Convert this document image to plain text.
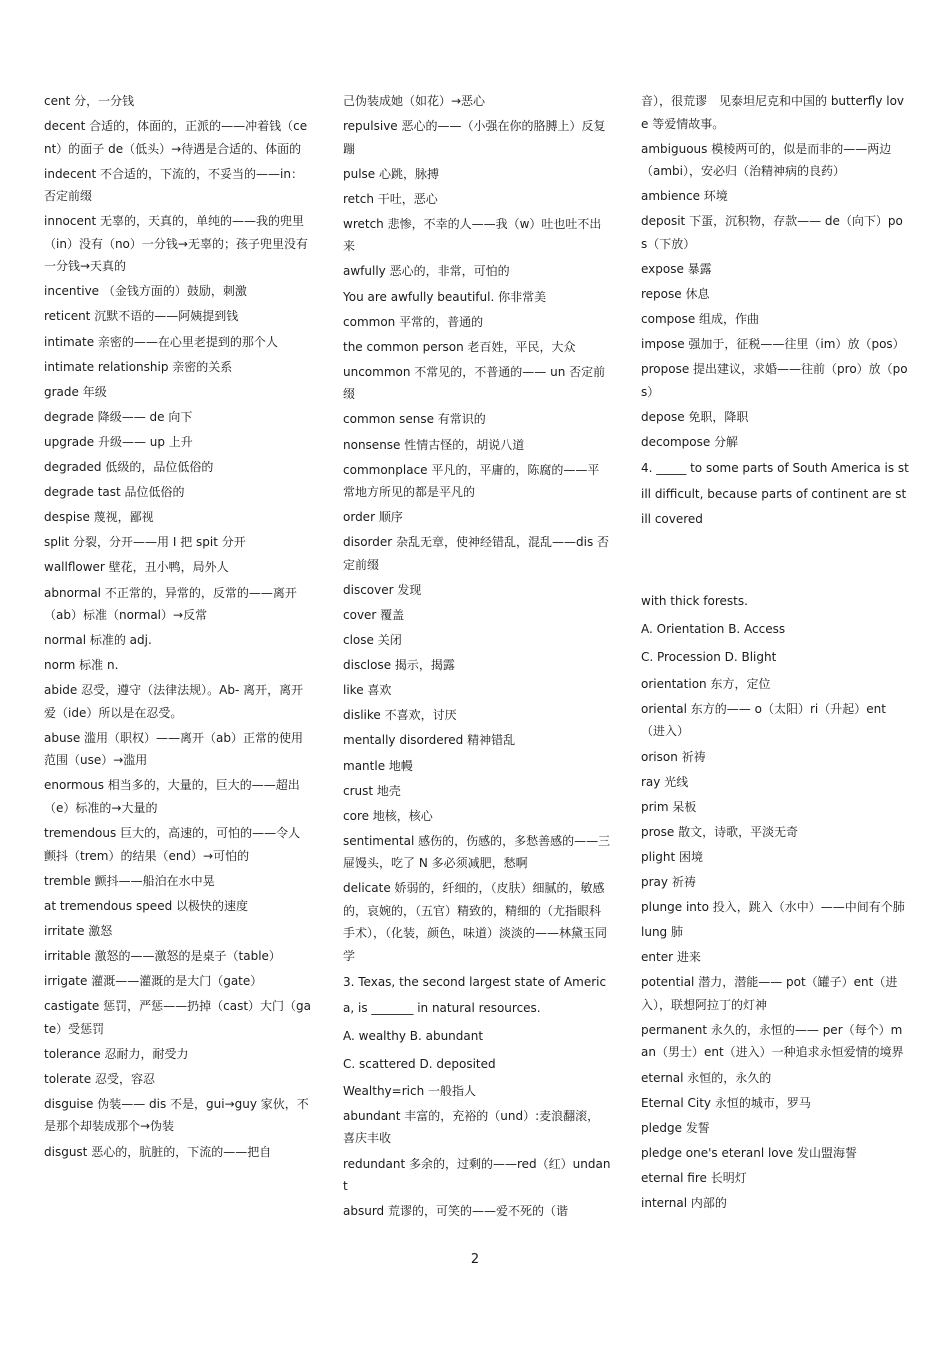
cent 分，一分钱

decent 合适的，体面的，正派的——冲着钱（cent）的面子 de（低头）→待遇是合适的、体面的

indecent 不合适的，下流的，不妥当的——in：否定前缀

innocent 无辜的，天真的，单纯的——我的兜里（in）没有（no）一分钱→无辜的；孩子兜里没有一分钱→天真的

incentive （金钱方面的）鼓励，刺激

reticent 沉默不语的——阿姨提到钱

intimate 亲密的——在心里老提到的那个人

intimate relationship 亲密的关系

grade 年级

degrade 降级—— de 向下

upgrade 升级—— up 上升

degraded 低级的，品位低俗的

degrade tast 品位低俗的

despise 蔑视，鄙视

split 分裂，分开——用 I 把 spit 分开

wallflower 壁花，丑小鸭，局外人

abnormal 不正常的，异常的，反常的——离开（ab）标准（normal）→反常

normal 标准的 adj.

norm 标准 n.

abide 忍受，遵守（法律法规）。Ab- 离开，离开爱（ide）所以是在忍受。

abuse 滥用（职权）——离开（ab）正常的使用范围（use）→滥用

enormous 相当多的，大量的，巨大的——超出（e）标准的→大量的

tremendous 巨大的，高速的，可怕的——令人颤抖（trem）的结果（end）→可怕的

tremble 颤抖——船泊在水中晃

at tremendous speed 以极快的速度

irritate 激怒

irritable 激怒的——激怒的是桌子（table）

irrigate 灌溉——灌溉的是大门（gate）

castigate 惩罚，严惩——扔掉（cast）大门（gate）受惩罚

tolerance 忍耐力，耐受力

tolerate 忍受，容忍

disguise 伪装—— dis 不是，gui→guy 家伙，不是那个却装成那个→伪装

disgust 恶心的，肮脏的，下流的——把自

己伪装成她（如花）→恶心

repulsive 恶心的——（小强在你的胳膊上）反复蹦

pulse 心跳，脉搏

retch 干吐，恶心

wretch 悲惨，不幸的人——我（w）吐也吐不出来

awfully 恶心的，非常，可怕的

You are awfully beautiful. 你非常美

common 平常的，普通的

the common person 老百姓，平民，大众

uncommon 不常见的，不普通的—— un 否定前缀

common sense 有常识的

nonsense 性情古怪的，胡说八道

commonplace 平凡的，平庸的，陈腐的——平常地方所见的都是平凡的

order 顺序

disorder 杂乱无章，使神经错乱，混乱——dis 否定前缀

discover 发现

cover 覆盖

close 关闭

disclose 揭示，揭露

like 喜欢

dislike 不喜欢，讨厌

mentally disordered 精神错乱

mantle 地幔

crust 地壳

core 地核，核心

sentimental 感伤的，伤感的，多愁善感的——三屉馒头，吃了 N 多必须减肥，愁啊

delicate 娇弱的，纤细的，（皮肤）细腻的，敏感的，哀婉的，（五官）精致的，精细的（尤指眼科手术），（化装，颜色，味道）淡淡的——林黛玉同学

3. Texas, the second largest state of America, is _______ in natural resources.

A. wealthy B. abundant

C. scattered D. deposited

Wealthy=rich 一般指人

abundant 丰富的，充裕的（und）:麦浪翻滚，喜庆丰收

redundant 多余的，过剩的——red（红）undant

absurd 荒谬的，可笑的——爱不死的（谐

音），很荒谬　见泰坦尼克和中国的 butterfly love 等爱情故事。

ambiguous 模棱两可的，似是而非的——两边（ambi），安必归（治精神病的良药）

ambience 环境

deposit 下蛋，沉积物，存款—— de（向下）pos（下放）

expose 暴露

repose 休息

compose 组成，作曲

impose 强加于，征税——往里（im）放（pos）

propose 提出建议，求婚——往前（pro）放（pos）

depose 免职，降职

decompose 分解

4. _____ to some parts of South America is still difficult, because parts of continent are still covered

with thick forests.

A. Orientation B. Access

C. Procession D. Blight

orientation 东方，定位

oriental 东方的—— o（太阳）ri（升起）ent（进入）

orison 祈祷

ray 光线

prim 呆板

prose 散文，诗歌，平淡无奇

plight 困境

pray 祈祷

plunge into 投入，跳入（水中）——中间有个肺

lung 肺

enter 进来

potential 潜力，潜能—— pot（罐子）ent（进入），联想阿拉丁的灯神

permanent 永久的，永恒的—— per（每个）man（男士）ent（进入）一种追求永恒爱情的境界

eternal 永恒的，永久的

Eternal City 永恒的城市，罗马

pledge 发誓

pledge one's eteranl love 发山盟海誓

eternal fire 长明灯

internal 内部的

2
